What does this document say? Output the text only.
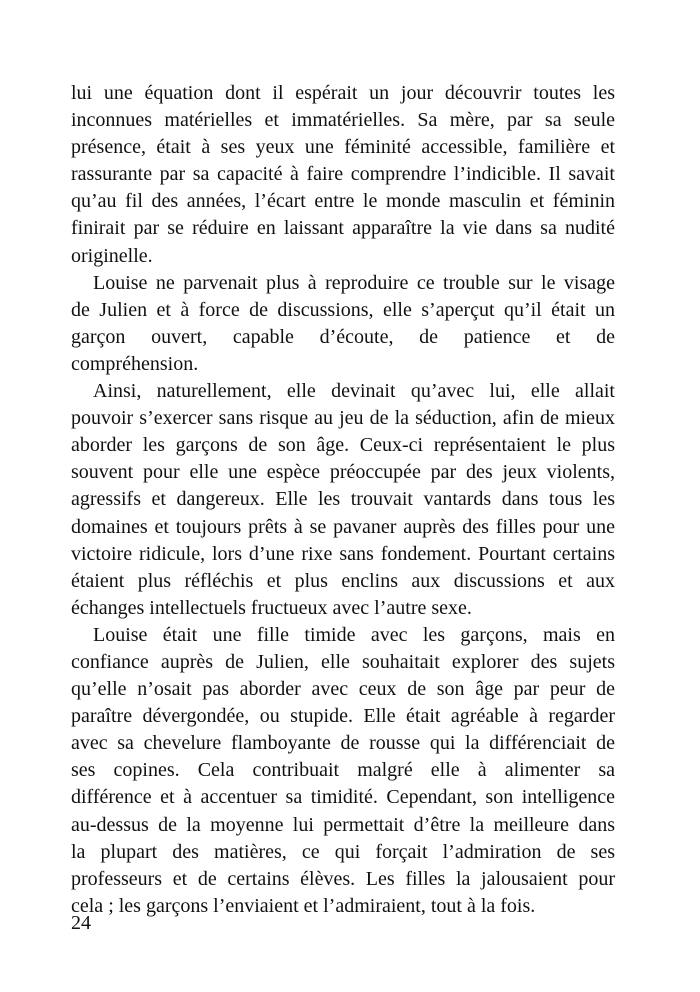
lui une équation dont il espérait un jour découvrir toutes les
inconnues matérielles et immatérielles. Sa mère, par sa seule
présence, était à ses yeux une féminité accessible, familière et
rassurante par sa capacité à faire comprendre l’indicible. Il savait
qu’au fil des années, l’écart entre le monde masculin et féminin
finirait par se réduire en laissant apparaître la vie dans sa nudité
originelle.
Louise ne parvenait plus à reproduire ce trouble sur le visage
de Julien et à force de discussions, elle s’aperçut qu’il était un
garçon ouvert, capable d’écoute, de patience et de
compréhension.
Ainsi, naturellement, elle devinait qu’avec lui, elle allait
pouvoir s’exercer sans risque au jeu de la séduction, afin de mieux
aborder les garçons de son âge. Ceux-ci représentaient le plus
souvent pour elle une espèce préoccupée par des jeux violents,
agressifs et dangereux. Elle les trouvait vantards dans tous les
domaines et toujours prêts à se pavaner auprès des filles pour une
victoire ridicule, lors d’une rixe sans fondement. Pourtant certains
étaient plus réfléchis et plus enclins aux discussions et aux
échanges intellectuels fructueux avec l’autre sexe.
Louise était une fille timide avec les garçons, mais en
confiance auprès de Julien, elle souhaitait explorer des sujets
qu’elle n’osait pas aborder avec ceux de son âge par peur de
paraître dévergondée, ou stupide. Elle était agréable à regarder
avec sa chevelure flamboyante de rousse qui la différenciait de
ses copines. Cela contribuait malgré elle à alimenter sa
différence et à accentuer sa timidité. Cependant, son intelligence
au-dessus de la moyenne lui permettait d’être la meilleure dans
la plupart des matières, ce qui forçait l’admiration de ses
professeurs et de certains élèves. Les filles la jalousaient pour
cela ; les garçons l’enviaient et l’admiraient, tout à la fois.
24
